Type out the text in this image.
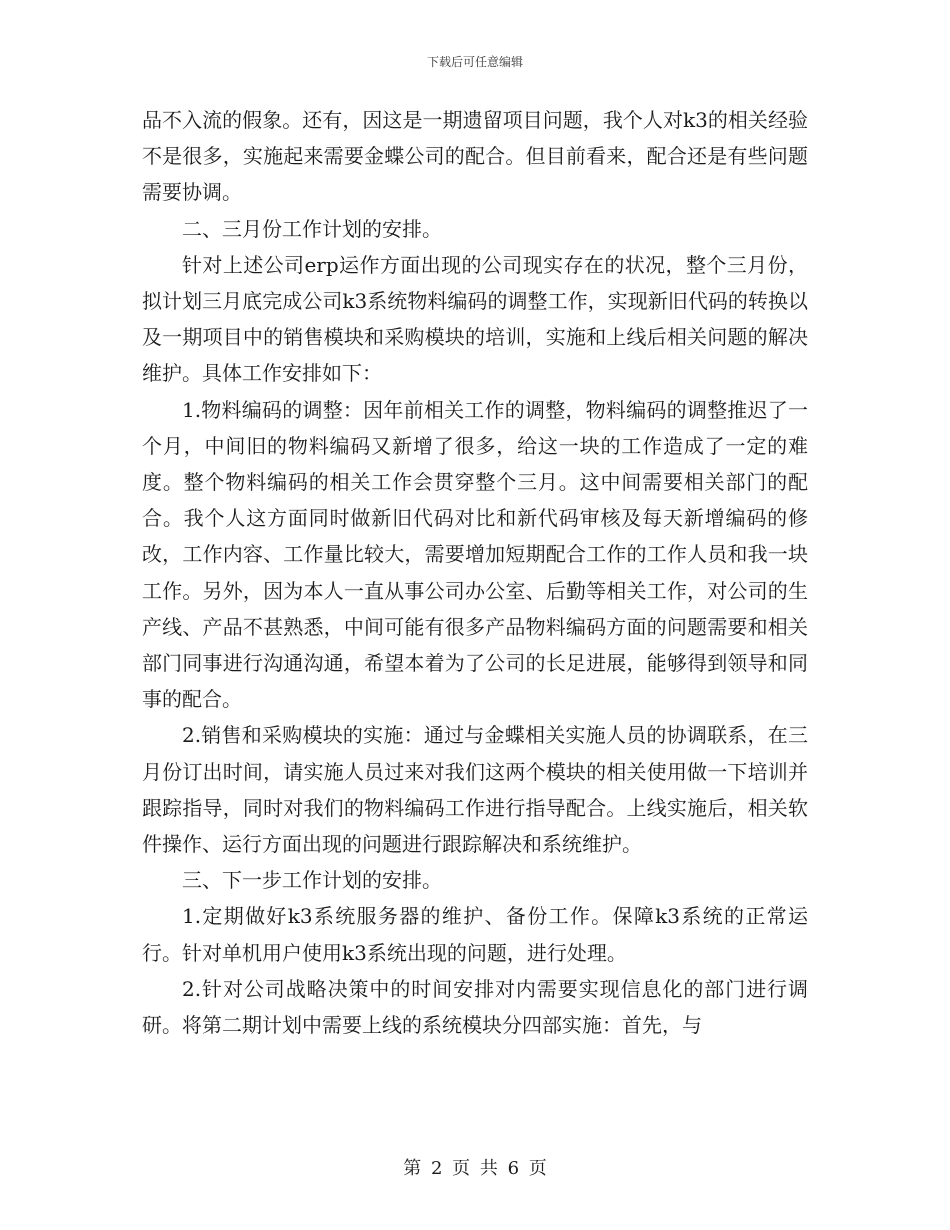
下载后可任意编辑

品不入流的假象。还有，因这是一期遗留项目问题，我个人对k3的相关经验不是很多，实施起来需要金蝶公司的配合。但目前看来，配合还是有些问题需要协调。

二、三月份工作计划的安排。

针对上述公司erp运作方面出现的公司现实存在的状况，整个三月份，拟计划三月底完成公司k3系统物料编码的调整工作，实现新旧代码的转换以及一期项目中的销售模块和采购模块的培训，实施和上线后相关问题的解决维护。具体工作安排如下：

1.物料编码的调整：因年前相关工作的调整，物料编码的调整推迟了一个月，中间旧的物料编码又新增了很多，给这一块的工作造成了一定的难度。整个物料编码的相关工作会贯穿整个三月。这中间需要相关部门的配合。我个人这方面同时做新旧代码对比和新代码审核及每天新增编码的修改，工作内容、工作量比较大，需要增加短期配合工作的工作人员和我一块工作。另外，因为本人一直从事公司办公室、后勤等相关工作，对公司的生产线、产品不甚熟悉，中间可能有很多产品物料编码方面的问题需要和相关部门同事进行沟通沟通，希望本着为了公司的长足进展，能够得到领导和同事的配合。

2.销售和采购模块的实施：通过与金蝶相关实施人员的协调联系，在三月份订出时间，请实施人员过来对我们这两个模块的相关使用做一下培训并跟踪指导，同时对我们的物料编码工作进行指导配合。上线实施后，相关软件操作、运行方面出现的问题进行跟踪解决和系统维护。

三、下一步工作计划的安排。

1.定期做好k3系统服务器的维护、备份工作。保障k3系统的正常运行。针对单机用户使用k3系统出现的问题，进行处理。

2.针对公司战略决策中的时间安排对内需要实现信息化的部门进行调研。将第二期计划中需要上线的系统模块分四部实施：首先，与

第 2 页 共 6 页
